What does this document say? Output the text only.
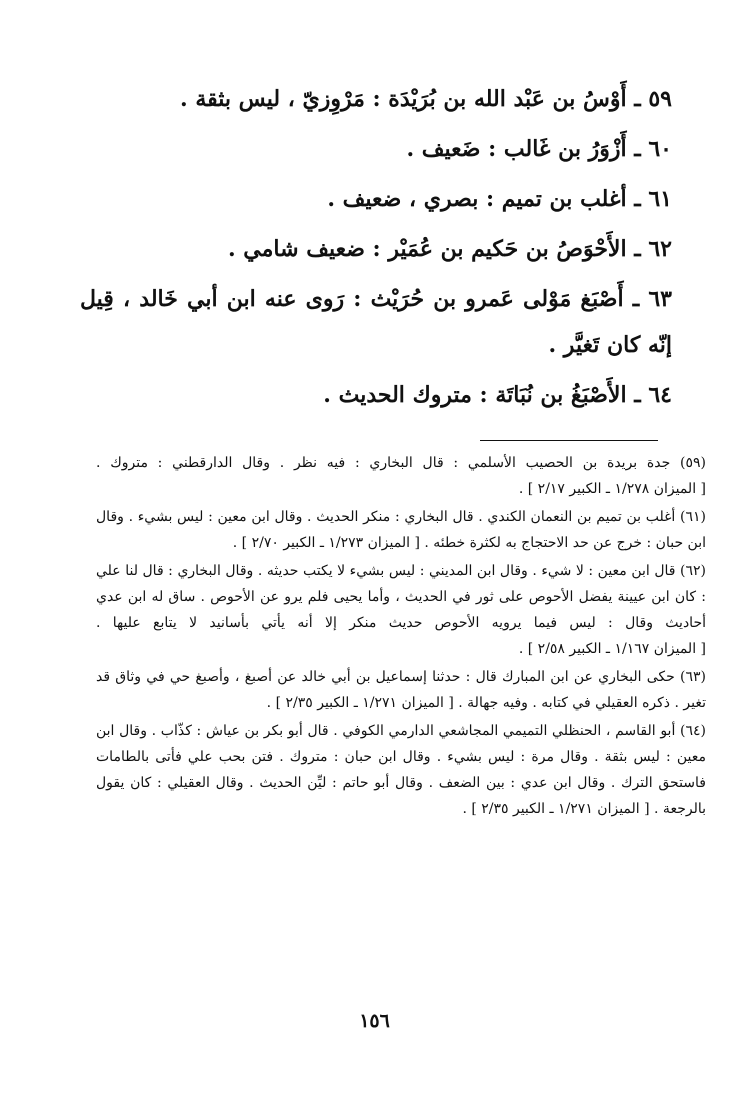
٥٩ ـ أَوْسُ بن عَبْد الله بن بُرَيْدَة : مَرْوِزيّ ، ليس بثقة .

٦٠ ـ أَزْوَرُ بن غَالب : ضَعيف .

٦١ ـ أغلب بن تميم : بصري ، ضعيف .

٦٢ ـ الأَحْوَصُ بن حَكيم بن عُمَيْر : ضعيف شامي .

٦٣ ـ أَصْبَغ مَوْلى عَمرو بن حُرَيْث : رَوى عنه ابن أبي خَالد ، قِيل إنّه كان تَغيَّر .

٦٤ ـ الأَصْبَغُ بن نُبَاتَة : متروك الحديث .

(٥٩) جدة بريدة بن الحصيب الأسلمي : قال البخاري : فيه نظر . وقال الدارقطني : متروك . [ الميزان ١/٢٧٨ ـ الكبير ٢/١٧ ] .

(٦١) أغلب بن تميم بن النعمان الكندي . قال البخاري : منكر الحديث . وقال ابن معين : ليس بشيء . وقال ابن حبان : خرج عن حد الاحتجاج به لكثرة خطئه . [ الميزان ١/٢٧٣ ـ الكبير ٢/٧٠ ] .

(٦٢) قال ابن معين : لا شيء . وقال ابن المديني : ليس بشيء لا يكتب حديثه . وقال البخاري : قال لنا علي : كان ابن عيينة يفضل الأحوص على ثور في الحديث ، وأما يحيى فلم يرو عن الأحوص . ساق له ابن عدي أحاديث وقال : ليس فيما يرويه الأحوص حديث منكر إلا أنه يأتي بأسانيد لا يتابع عليها . [ الميزان ١/١٦٧ ـ الكبير ٢/٥٨ ] .

(٦٣) حكى البخاري عن ابن المبارك قال : حدثنا إسماعيل بن أبي خالد عن أصبغ ، وأصبغ حي في وثاق قد تغير . ذكره العقيلي في كتابه . وفيه جهالة . [ الميزان ١/٢٧١ ـ الكبير ٢/٣٥ ] .

(٦٤) أبو القاسم ، الحنظلي التميمي المجاشعي الدارمي الكوفي . قال أبو بكر بن عياش : كذّاب . وقال ابن معين : ليس بثقة . وقال مرة : ليس بشيء . وقال ابن حبان : متروك . فتن بحب علي فأتى بالطامات فاستحق الترك . وقال ابن عدي : بين الضعف . وقال أبو حاتم : ليِّن الحديث . وقال العقيلي : كان يقول بالرجعة . [ الميزان ١/٢٧١ ـ الكبير ٢/٣٥ ] .

١٥٦
